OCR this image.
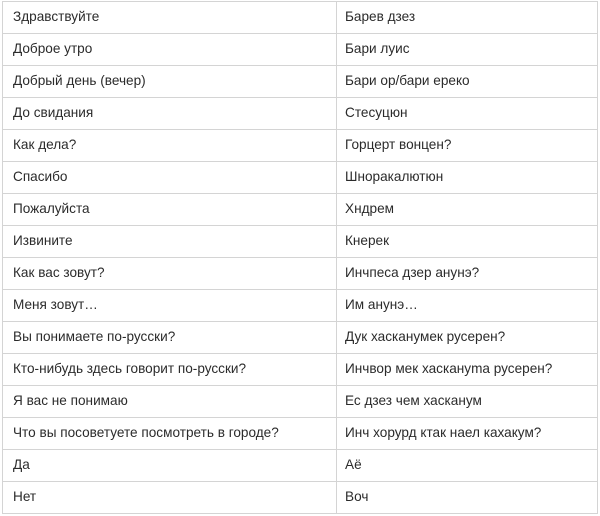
Здравствуйте	Барев дзез
Доброе утро	Бари луис
Добрый день (вечер)	Бари ор/бари ереко
До свидания	Стесуцюн
Как дела?	Горцерт вонцен?
Спасибо	Шноракалютюн
Пожалуйста	Хндрем
Извините	Кнерек
Как вас зовут?	Инчпеса дзер анунэ?
Меня зовут…	Им анунэ…
Вы понимаете по-русски?	Дук хасканумек русерен?
Кто-нибудь здесь говорит по-русски?	Инчвор мек хаскануma русерен?
Я вас не понимаю	Ес дзез чем хасканум
Что вы посоветуете посмотреть в городе?	Инч хорурд ктак наел кахакум?
Да	Аё
Нет	Воч
